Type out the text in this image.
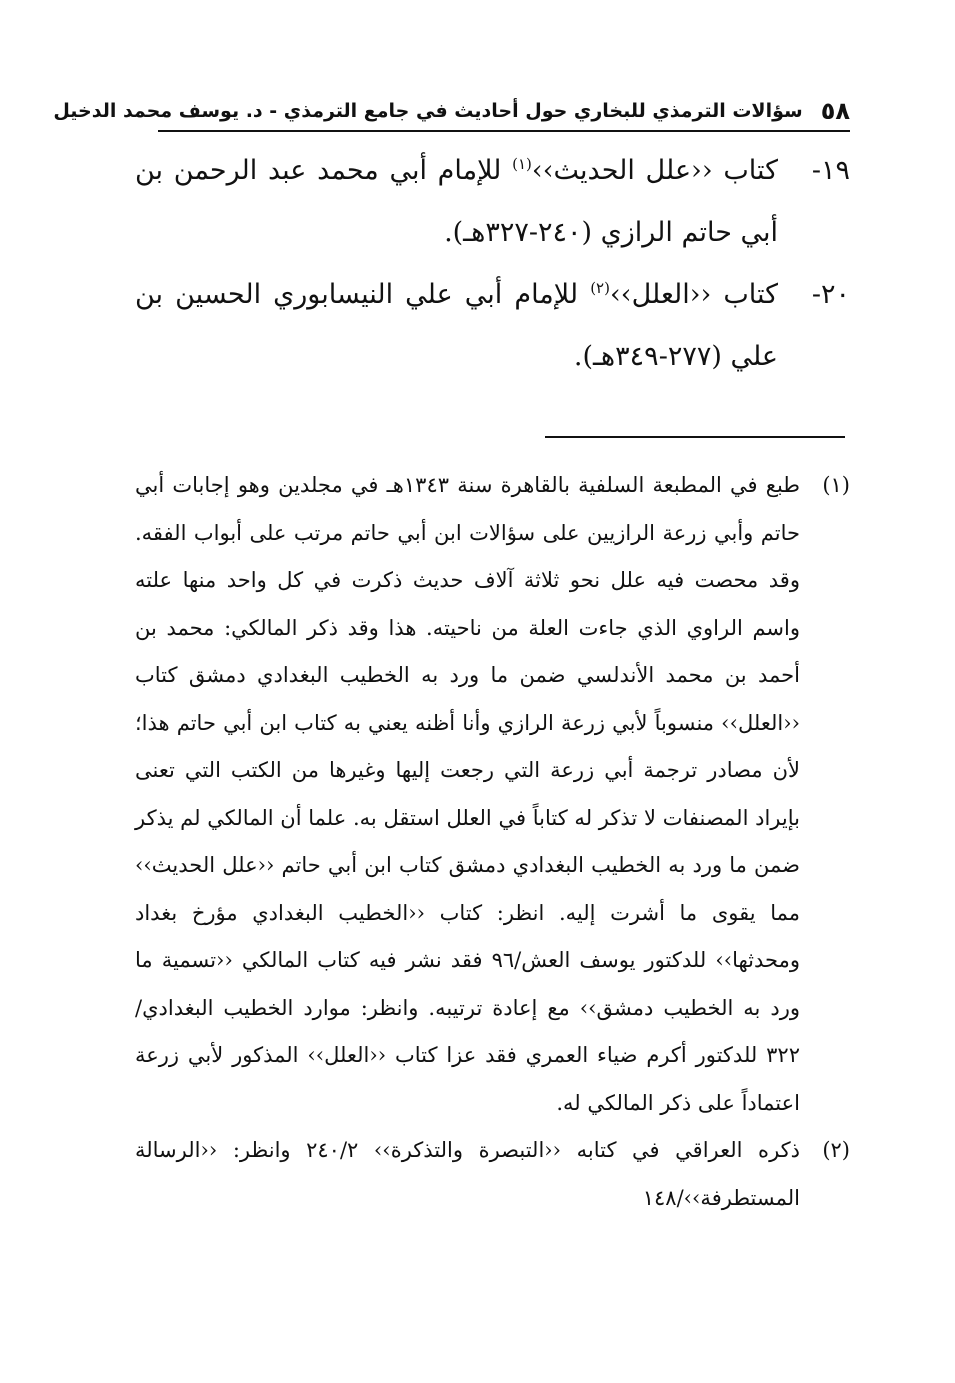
٥٨
سؤالات الترمذي للبخاري حول أحاديث في جامع الترمذي - د. يوسف محمد الدخيل
١٩-
كتاب ‹‹علل الحديث››$^{(١)}$ للإمام أبي محمد عبد الرحمن بن أبي حاتم الرازي (٢٤٠-٣٢٧هـ).
٢٠-
كتاب ‹‹العلل››$^{(٢)}$ للإمام أبي علي النيسابوري الحسين بن علي (٢٧٧-٣٤٩هـ).
(١)
طبع في المطبعة السلفية بالقاهرة سنة ١٣٤٣هـ في مجلدين وهو إجابات أبي حاتم وأبي زرعة الرازيين على سؤالات ابن أبي حاتم مرتب على أبواب الفقه. وقد محصت فيه علل نحو ثلاثة آلاف حديث ذكرت في كل واحد منها علته واسم الراوي الذي جاءت العلة من ناحيته. هذا وقد ذكر المالكي: محمد بن أحمد بن محمد الأندلسي ضمن ما ورد به الخطيب البغدادي دمشق كتاب ‹‹العلل›› منسوباً لأبي زرعة الرازي وأنا أظنه يعني به كتاب ابن أبي حاتم هذا؛ لأن مصادر ترجمة أبي زرعة التي رجعت إليها وغيرها من الكتب التي تعنى بإيراد المصنفات لا تذكر له كتاباً في العلل استقل به. علما أن المالكي لم يذكر ضمن ما ورد به الخطيب البغدادي دمشق كتاب ابن أبي حاتم ‹‹علل الحديث›› مما يقوى ما أشرت إليه. انظر: كتاب ‹‹الخطيب البغدادي مؤرخ بغداد ومحدثها›› للدكتور يوسف العش/٩٦ فقد نشر فيه كتاب المالكي ‹‹تسمية ما ورد به الخطيب دمشق›› مع إعادة ترتيبه. وانظر: موارد الخطيب البغدادي/٣٢٢ للدكتور أكرم ضياء العمري فقد عزا كتاب ‹‹العلل›› المذكور لأبي زرعة اعتماداً على ذكر المالكي له.
(٢)
ذكره العراقي في كتابه ‹‹التبصرة والتذكرة›› ٢٤٠/٢ وانظر: ‹‹الرسالة المستطرفة››/١٤٨
